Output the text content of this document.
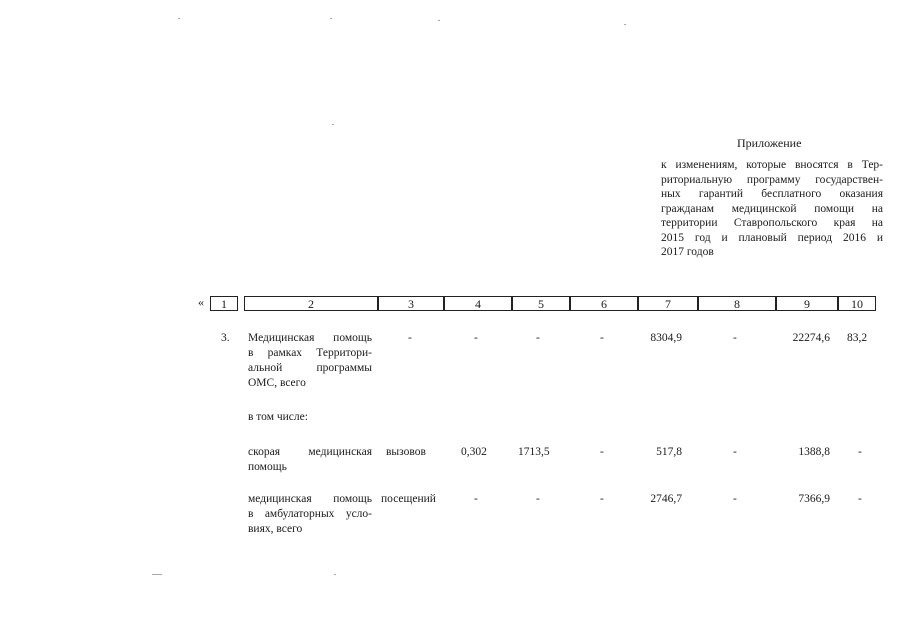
Приложение
к изменениям, которые вносятся в Тер-
риториальную программу государствен-
ных гарантий бесплатного оказания
гражданам медицинской помощи на
территории Ставропольского края на
2015 год и плановый период 2016 и
2017 годов
«	1	2	3	4	5	6	7	8	9	10
3. Медицинская помощь
в рамках Территори-
альной программы
ОМС, всего
-	-	-	-	8304,9	-	22274,6 83,2
в том числе:
скорая медицинская
помощь
вызовов	0,302	1713,5	-	517,8	-	1388,8 -
медицинская помощь
в амбулаторных усло-
виях, всего
посещений	-	-	-	2746,7	-	7366,9 -
